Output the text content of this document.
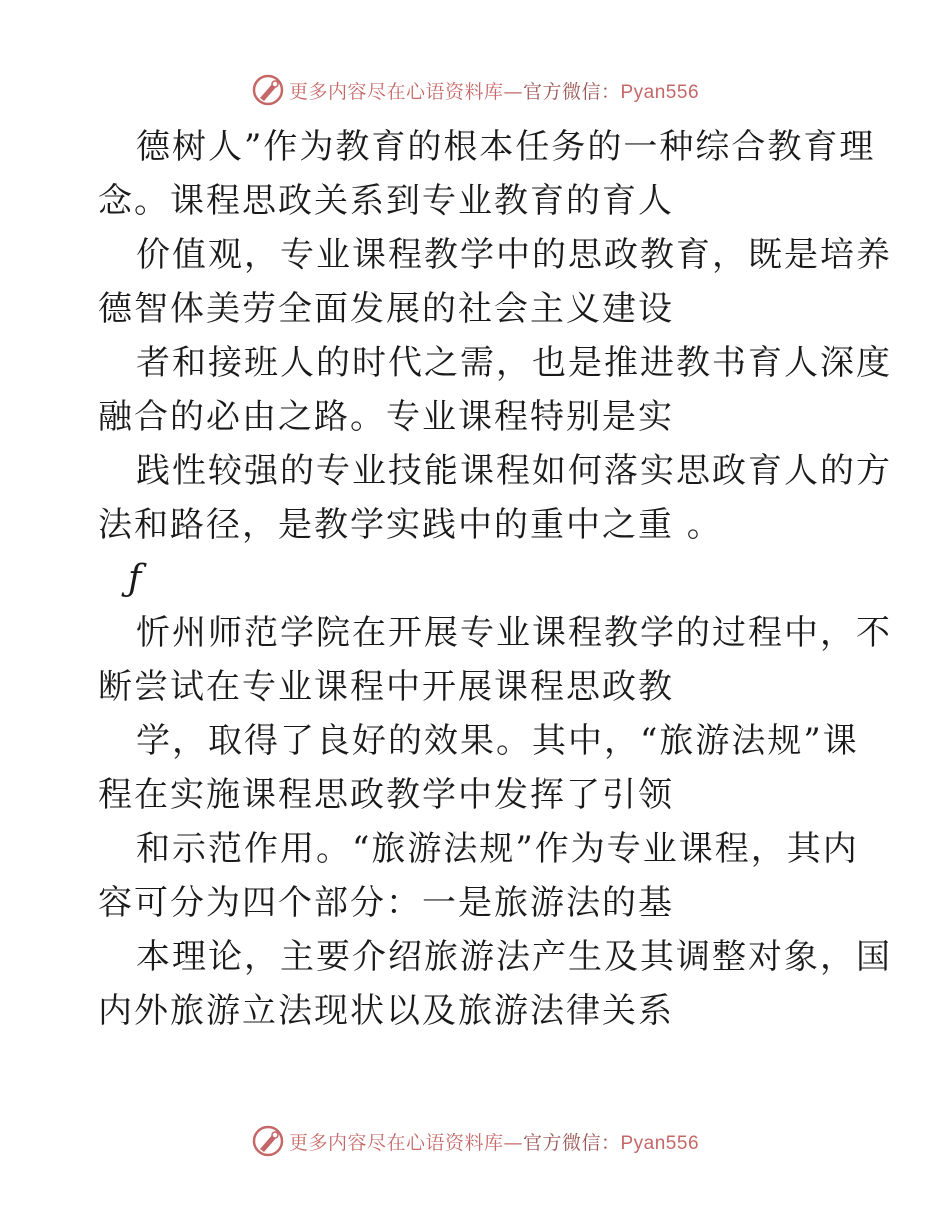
更多内容尽在心语资料库—官方微信：Pyan556
德树人”作为教育的根本任务的一种综合教育理
念。课程思政关系到专业教育的育人
价值观，专业课程教学中的思政教育，既是培养
德智体美劳全面发展的社会主义建设
者和接班人的时代之需，也是推进教书育人深度
融合的必由之路。专业课程特别是实
践性较强的专业技能课程如何落实思政育人的方
法和路径，是教学实践中的重中之重 。
ƒ
忻州师范学院在开展专业课程教学的过程中，不
断尝试在专业课程中开展课程思政教
学，取得了良好的效果。其中，“旅游法规”课
程在实施课程思政教学中发挥了引领
和示范作用。“旅游法规”作为专业课程，其内
容可分为四个部分：一是旅游法的基
本理论，主要介绍旅游法产生及其调整对象，国
内外旅游立法现状以及旅游法律关系
更多内容尽在心语资料库—官方微信：Pyan556
